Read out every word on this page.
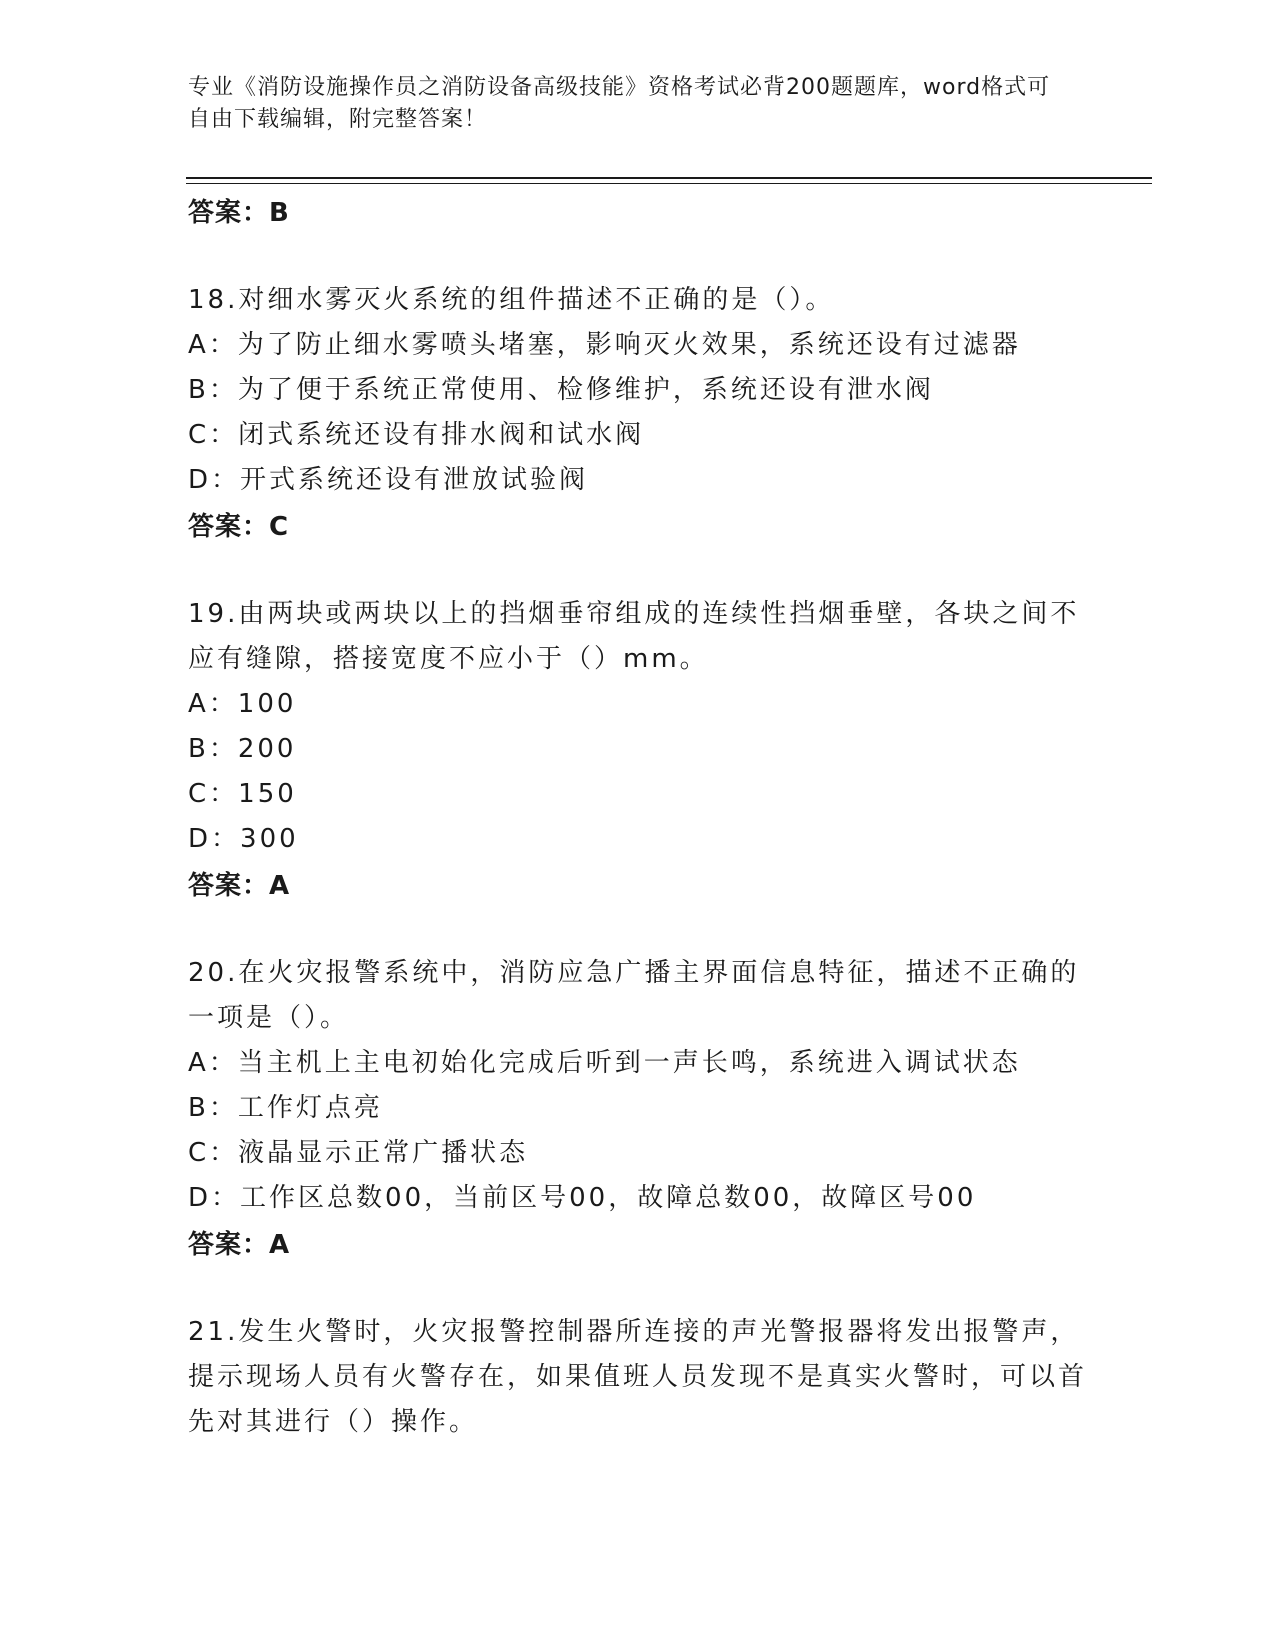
专业《消防设施操作员之消防设备高级技能》资格考试必背200题题库，word格式可自由下载编辑，附完整答案！
答案：B
18.对细水雾灭火系统的组件描述不正确的是（）。
A：为了防止细水雾喷头堵塞，影响灭火效果，系统还设有过滤器
B：为了便于系统正常使用、检修维护，系统还设有泄水阀
C：闭式系统还设有排水阀和试水阀
D：开式系统还设有泄放试验阀
答案：C
19.由两块或两块以上的挡烟垂帘组成的连续性挡烟垂壁，各块之间不应有缝隙，搭接宽度不应小于（）mm。
A：100
B：200
C：150
D：300
答案：A
20.在火灾报警系统中，消防应急广播主界面信息特征，描述不正确的一项是（）。
A：当主机上主电初始化完成后听到一声长鸣，系统进入调试状态
B：工作灯点亮
C：液晶显示正常广播状态
D：工作区总数00，当前区号00，故障总数00，故障区号00
答案：A
21.发生火警时，火灾报警控制器所连接的声光警报器将发出报警声，提示现场人员有火警存在，如果值班人员发现不是真实火警时，可以首先对其进行（）操作。
